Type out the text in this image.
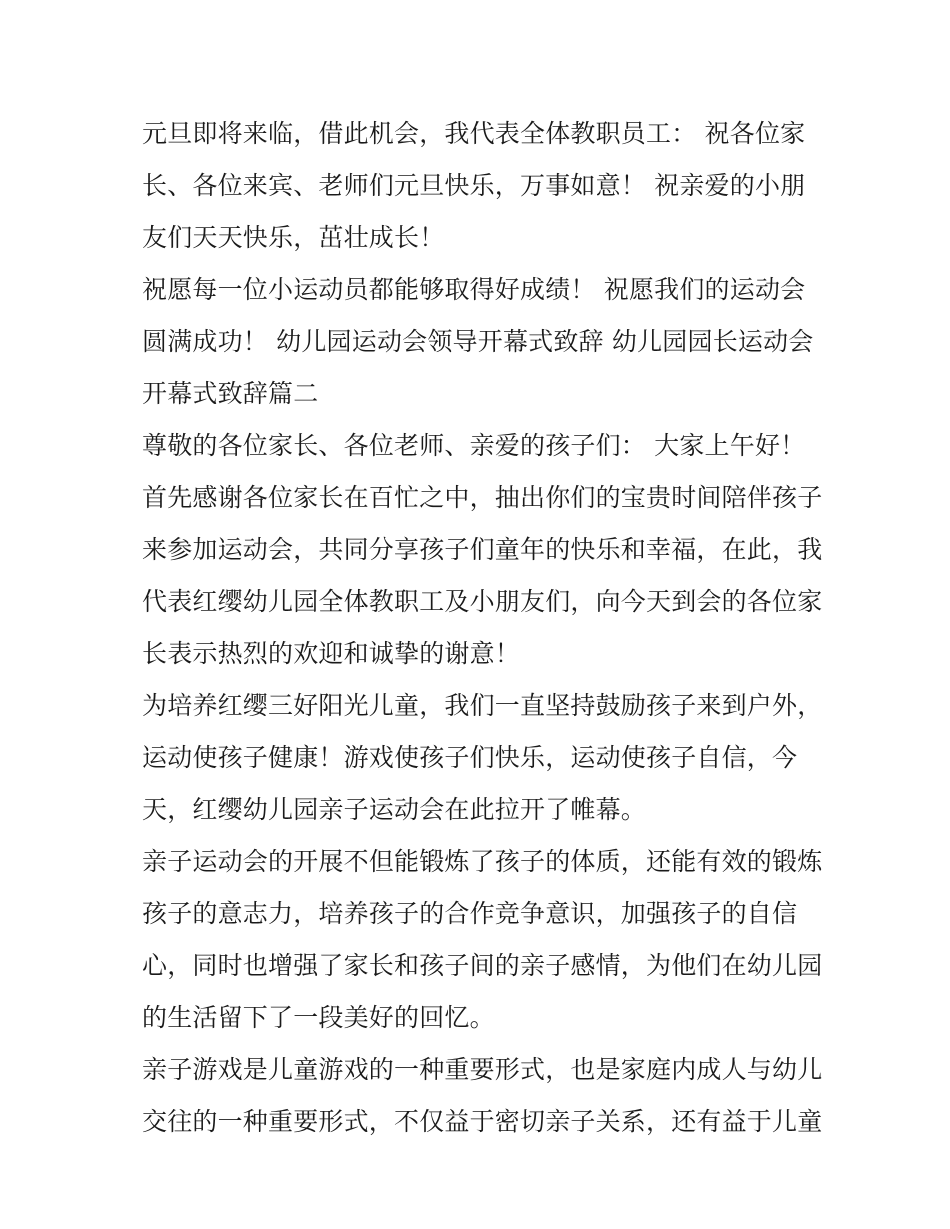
元旦即将来临，借此机会，我代表全体教职员工： 祝各位家
长、各位来宾、老师们元旦快乐，万事如意！ 祝亲爱的小朋
友们天天快乐，茁壮成长！
祝愿每一位小运动员都能够取得好成绩！ 祝愿我们的运动会
圆满成功！ 幼儿园运动会领导开幕式致辞 幼儿园园长运动会
开幕式致辞篇二
尊敬的各位家长、各位老师、亲爱的孩子们： 大家上午好！
首先感谢各位家长在百忙之中，抽出你们的宝贵时间陪伴孩子
来参加运动会，共同分享孩子们童年的快乐和幸福，在此，我
代表红缨幼儿园全体教职工及小朋友们，向今天到会的各位家
长表示热烈的欢迎和诚挚的谢意！
为培养红缨三好阳光儿童，我们一直坚持鼓励孩子来到户外，
运动使孩子健康！游戏使孩子们快乐，运动使孩子自信，今
天，红缨幼儿园亲子运动会在此拉开了帷幕。
亲子运动会的开展不但能锻炼了孩子的体质，还能有效的锻炼
孩子的意志力，培养孩子的合作竞争意识，加强孩子的自信
心，同时也增强了家长和孩子间的亲子感情，为他们在幼儿园
的生活留下了一段美好的回忆。
亲子游戏是儿童游戏的一种重要形式，也是家庭内成人与幼儿
交往的一种重要形式，不仅益于密切亲子关系，还有益于儿童
